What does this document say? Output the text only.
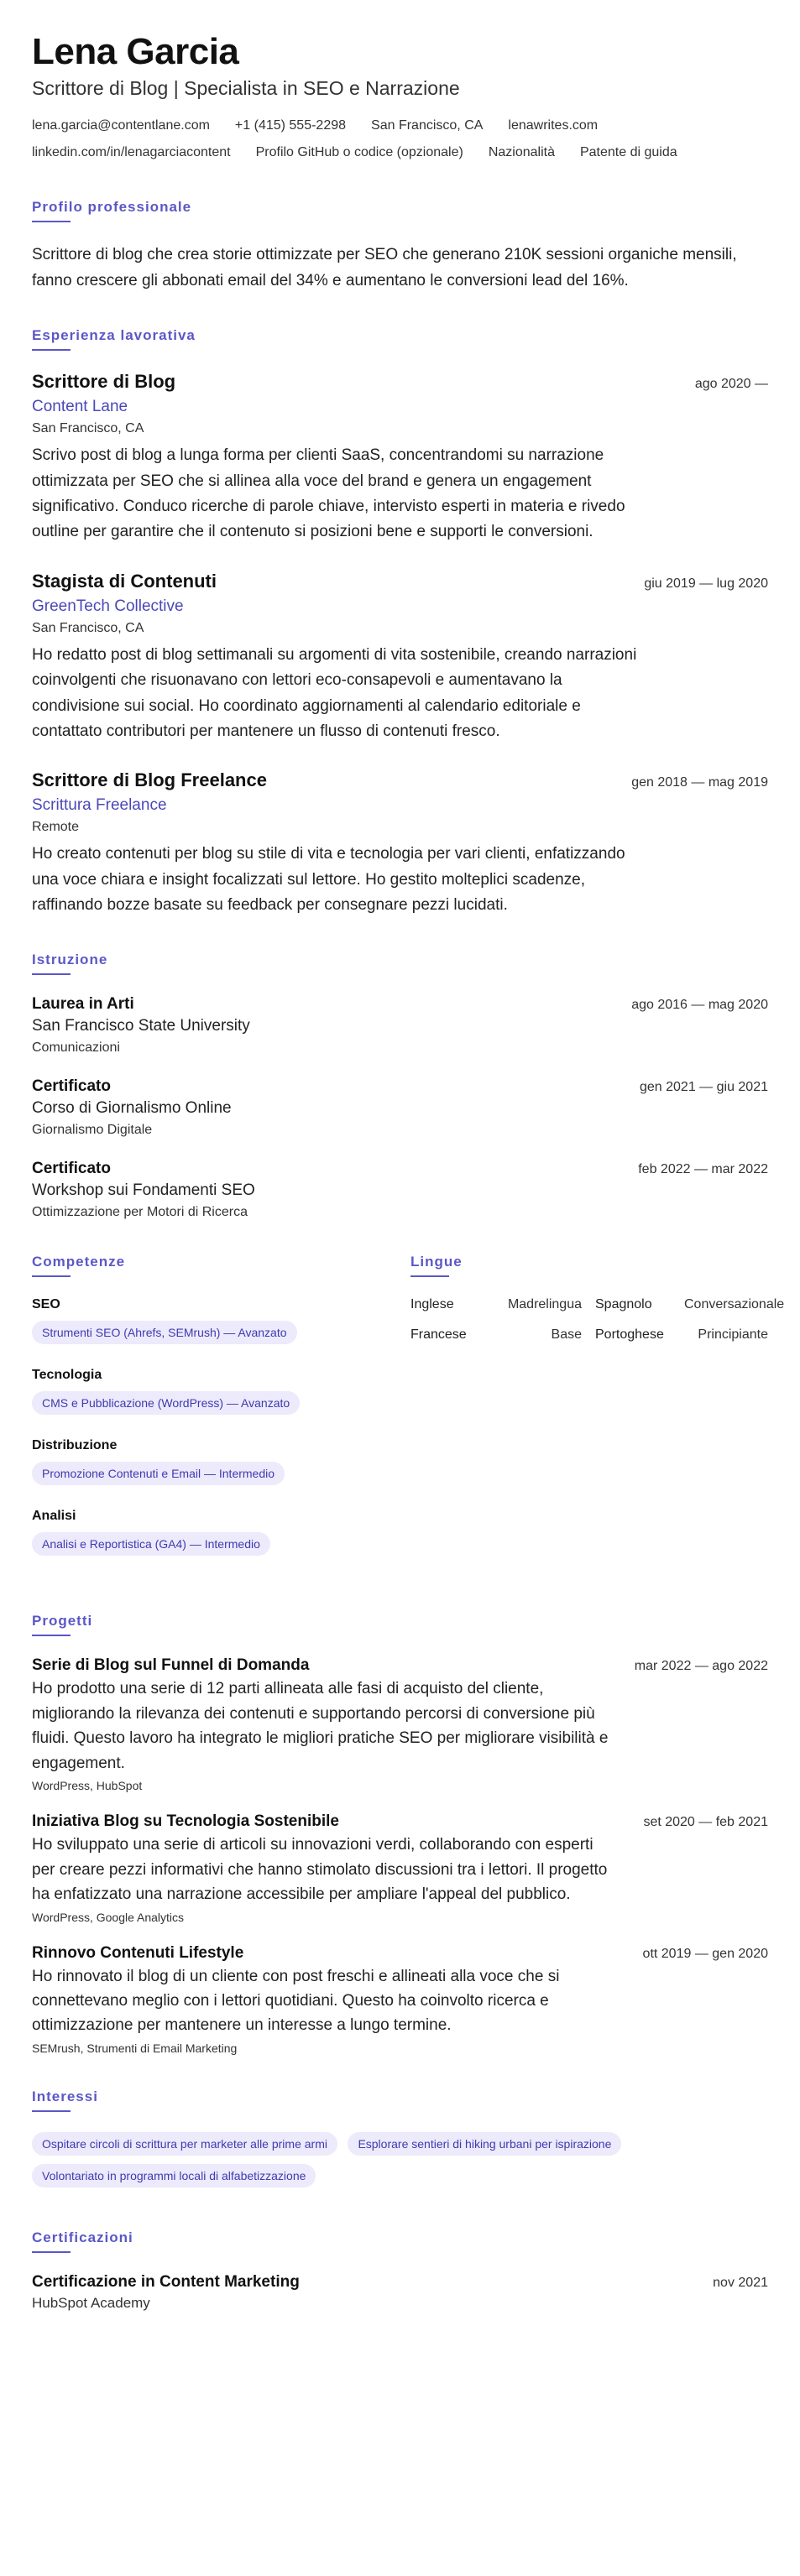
Lena Garcia
Scrittore di Blog | Specialista in SEO e Narrazione
lena.garcia@contentlane.com +1 (415) 555-2298 San Francisco, CA lenawrites.com
linkedin.com/in/lenagarciacontent Profilo GitHub o codice (opzionale) Nazionalità Patente di guida
Profilo professionale
Scrittore di blog che crea storie ottimizzate per SEO che generano 210K sessioni organiche mensili, fanno crescere gli abbonati email del 34% e aumentano le conversioni lead del 16%.
Esperienza lavorativa
Scrittore di Blog	ago 2020 —
Content Lane
San Francisco, CA
Scrivo post di blog a lunga forma per clienti SaaS, concentrandomi su narrazione ottimizzata per SEO che si allinea alla voce del brand e genera un engagement significativo. Conduco ricerche di parole chiave, intervisto esperti in materia e rivedo outline per garantire che il contenuto si posizioni bene e supporti le conversioni.
Stagista di Contenuti	giu 2019 — lug 2020
GreenTech Collective
San Francisco, CA
Ho redatto post di blog settimanali su argomenti di vita sostenibile, creando narrazioni coinvolgenti che risuonavano con lettori eco-consapevoli e aumentavano la condivisione sui social. Ho coordinato aggiornamenti al calendario editoriale e contattato contributori per mantenere un flusso di contenuti fresco.
Scrittore di Blog Freelance	gen 2018 — mag 2019
Scrittura Freelance
Remote
Ho creato contenuti per blog su stile di vita e tecnologia per vari clienti, enfatizzando una voce chiara e insight focalizzati sul lettore. Ho gestito molteplici scadenze, raffinando bozze basate su feedback per consegnare pezzi lucidati.
Istruzione
Laurea in Arti	ago 2016 — mag 2020
San Francisco State University
Comunicazioni
Certificato	gen 2021 — giu 2021
Corso di Giornalismo Online
Giornalismo Digitale
Certificato	feb 2022 — mar 2022
Workshop sui Fondamenti SEO
Ottimizzazione per Motori di Ricerca
Competenze
SEO
Strumenti SEO (Ahrefs, SEMrush) — Avanzato
Tecnologia
CMS e Pubblicazione (WordPress) — Avanzato
Distribuzione
Promozione Contenuti e Email — Intermedio
Analisi
Analisi e Reportistica (GA4) — Intermedio
Lingue
Inglese	Madrelingua Spagnolo	Conversazionale
Francese	Base Portoghese	Principiante
Progetti
Serie di Blog sul Funnel di Domanda	mar 2022 — ago 2022
Ho prodotto una serie di 12 parti allineata alle fasi di acquisto del cliente, migliorando la rilevanza dei contenuti e supportando percorsi di conversione più fluidi. Questo lavoro ha integrato le migliori pratiche SEO per migliorare visibilità e engagement.
WordPress, HubSpot
Iniziativa Blog su Tecnologia Sostenibile	set 2020 — feb 2021
Ho sviluppato una serie di articoli su innovazioni verdi, collaborando con esperti per creare pezzi informativi che hanno stimolato discussioni tra i lettori. Il progetto ha enfatizzato una narrazione accessibile per ampliare l'appeal del pubblico.
WordPress, Google Analytics
Rinnovo Contenuti Lifestyle	ott 2019 — gen 2020
Ho rinnovato il blog di un cliente con post freschi e allineati alla voce che si connettevano meglio con i lettori quotidiani. Questo ha coinvolto ricerca e ottimizzazione per mantenere un interesse a lungo termine.
SEMrush, Strumenti di Email Marketing
Interessi
Ospitare circoli di scrittura per marketer alle prime armi	Esplorare sentieri di hiking urbani per ispirazione Volontariato in programmi locali di alfabetizzazione
Certificazioni
Certificazione in Content Marketing	nov 2021
HubSpot Academy
